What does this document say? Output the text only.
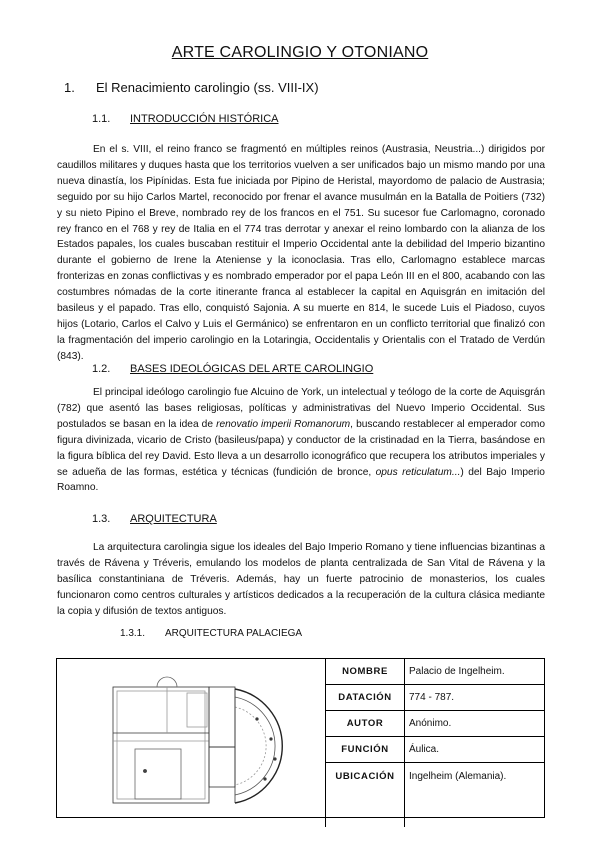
ARTE CAROLINGIO Y OTONIANO
1. El Renacimiento carolingio (ss. VIII-IX)
1.1. INTRODUCCIÓN HISTÓRICA

En el s. VIII, el reino franco se fragmentó en múltiples reinos (Austrasia, Neustria...) dirigidos por caudillos militares y duques hasta que los territorios vuelven a ser unificados bajo un mismo mando por una nueva dinastía, los Pipínidas. Esta fue iniciada por Pipino de Heristal, mayordomo de palacio de Austrasia; seguido por su hijo Carlos Martel, reconocido por frenar el avance musulmán en la Batalla de Poitiers (732) y su nieto Pipino el Breve, nombrado rey de los francos en el 751. Su sucesor fue Carlomagno, coronado rey franco en el 768 y rey de Italia en el 774 tras derrotar y anexar el reino lombardo con la alianza de los Estados papales, los cuales buscaban restituir el Imperio Occidental ante la debilidad del Imperio bizantino durante el gobierno de Irene la Ateniense y la iconoclasia. Tras ello, Carlomagno establece marcas fronterizas en zonas conflictivas y es nombrado emperador por el papa León III en el 800, acabando con las costumbres nómadas de la corte itinerante franca al establecer la capital en Aquisgrán en imitación del basileus y el papado. Tras ello, conquistó Sajonia. A su muerte en 814, le sucede Luis el Piadoso, cuyos hijos (Lotario, Carlos el Calvo y Luis el Germánico) se enfrentaron en un conflicto territorial que finalizó con la fragmentación del imperio carolingio en la Lotaringia, Occidentalis y Orientalis con el Tratado de Verdún (843).

1.2. BASES IDEOLÓGICAS DEL ARTE CAROLINGIO

El principal ideólogo carolingio fue Alcuino de York, un intelectual y teólogo de la corte de Aquisgrán (782) que asentó las bases religiosas, políticas y administrativas del Nuevo Imperio Occidental. Sus postulados se basan en la idea de renovatio imperii Romanorum, buscando restablecer al emperador como figura divinizada, vicario de Cristo (basileus/papa) y conductor de la cristinadad en la Tierra, basándose en la figura bíblica del rey David. Esto lleva a un desarrollo iconográfico que recupera los atributos imperiales y se adueña de las formas, estética y técnicas (fundición de bronce, opus reticulatum...) del Bajo Imperio Roamno.

1.3. ARQUITECTURA

La arquitectura carolingia sigue los ideales del Bajo Imperio Romano y tiene influencias bizantinas a través de Rávena y Tréveris, emulando los modelos de planta centralizada de San Vital de Rávena y la basílica constantiniana de Tréveris. Además, hay un fuerte patrocinio de monasterios, los cuales funcionaron como centros culturales y artísticos dedicados a la recuperación de la cultura clásica mediante la copia y difusión de textos antiguos.

1.3.1. ARQUITECTURA PALACIEGA
NOMBRE	Palacio de Ingelheim.
DATACIÓN	774 - 787.
AUTOR	Anónimo.
FUNCIÓN	Áulica.
UBICACIÓN	Ingelheim (Alemania).
